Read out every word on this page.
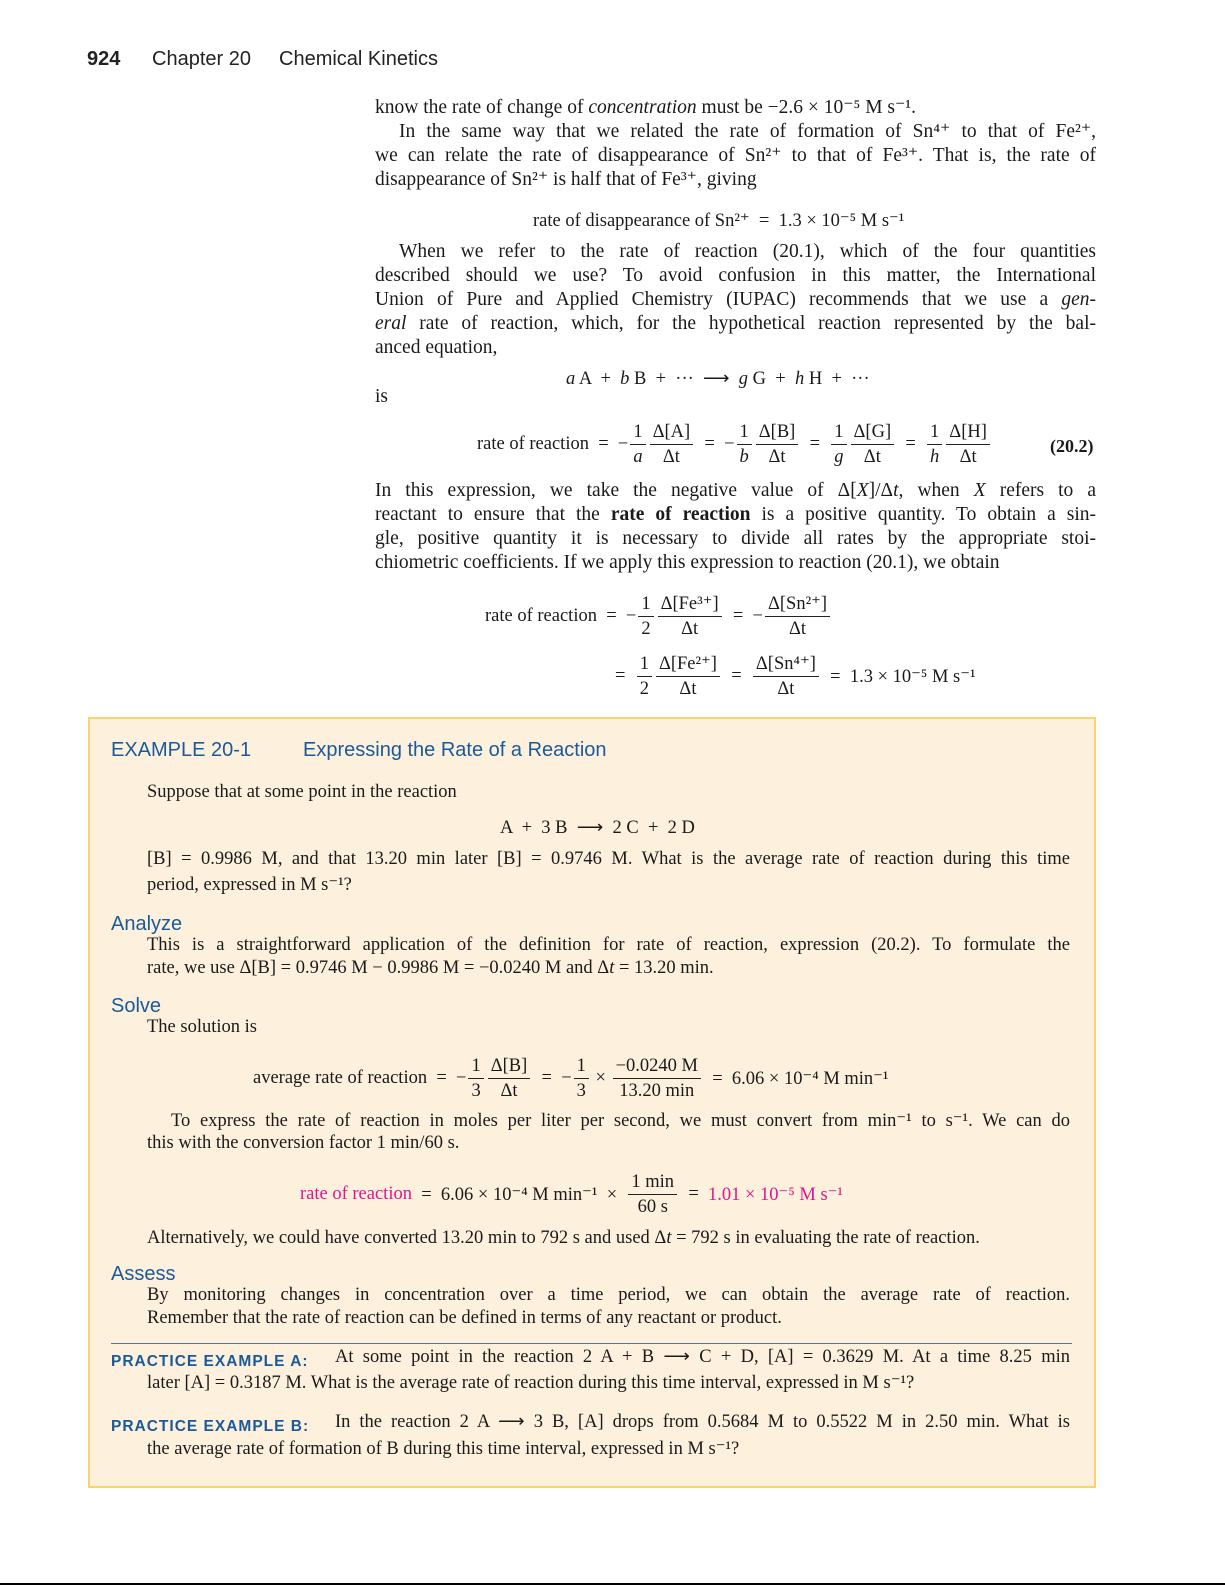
924 Chapter 20 Chemical Kinetics
rate of disappearance of Sn²⁺  =  1.3 × 10⁻⁵ M s⁻¹
a A  + b B  +  ···  ⟶ g G  + h H  +  ···
is
rate of reaction  =  − $\frac{1}{a} \frac{\Delta[A]}{\Delta t}$ =  − $\frac{1}{b} \frac{\Delta[B]}{\Delta t} = \frac{1}{g} \frac{\Delta[G]}{\Delta t} = \frac{1}{h} \frac{\Delta[H]}{\Delta t}$	(20.2)
rate of reaction  =  − $\frac{1}{2} \frac{\text{Δ[Fe³⁺]}}{\Delta t}$ =  − $\frac{\text{Δ[Sn²⁺]}}{\Delta t}$
= $\frac{1}{2} \frac{\text{Δ[Fe²⁺]}}{\Delta t} = \frac{\text{Δ[Sn⁴⁺]}}{\Delta t} = 1.3 \times 10^{-5}$ M s⁻¹
EXAMPLE 20-1	Expressing the Rate of a Reaction
A  +  3 B  ⟶  2 C  +  2 D
Analyze
Solve
average rate of reaction  =  − $\frac{1}{3} \frac{\Delta[B]}{\Delta t}$ =  − $\frac{1}{3} \times \frac{-0.0240 M}{13.20 \min} = 6.06 \times 10^{-4}$ M min⁻¹
rate of reaction =  6.06 × 10⁻⁴ M $\min^{-1} \times \frac{1 \min}{60 s} = 1.01 \times 10^{-5}$ M s⁻¹
Assess
PRACTICE EXAMPLE A:
PRACTICE EXAMPLE B:
know the rate of change of concentration must be −2.6 × 10⁻⁵ M s⁻¹.
In the same way that we related the rate of formation of Sn⁴⁺ to that of Fe²⁺,
we can relate the rate of disappearance of Sn²⁺ to that of Fe³⁺. That is, the rate of
disappearance of Sn²⁺ is half that of Fe³⁺, giving
When we refer to the rate of reaction (20.1), which of the four quantities
described should we use? To avoid confusion in this matter, the International
Union of Pure and Applied Chemistry (IUPAC) recommends that we use a gen-
eral rate of reaction, which, for the hypothetical reaction represented by the bal-
anced equation,
In this expression, we take the negative value of Δ[X]/Δt, when X refers to a
reactant to ensure that the rate of reaction is a positive quantity. To obtain a sin-
gle, positive quantity it is necessary to divide all rates by the appropriate stoi-
chiometric coefficients. If we apply this expression to reaction (20.1), we obtain
Suppose that at some point in the reaction
[B] = 0.9986 M, and that 13.20 min later [B] = 0.9746 M. What is the average rate of reaction during this time
period, expressed in M s⁻¹?
This is a straightforward application of the definition for rate of reaction, expression (20.2). To formulate the
rate, we use Δ[B] = 0.9746 M − 0.9986 M = −0.0240 M and Δt = 13.20 min.
The solution is
To express the rate of reaction in moles per liter per second, we must convert from min⁻¹ to s⁻¹. We can do
this with the conversion factor 1 min/60 s.
Alternatively, we could have converted 13.20 min to 792 s and used Δt = 792 s in evaluating the rate of reaction.
By monitoring changes in concentration over a time period, we can obtain the average rate of reaction.
Remember that the rate of reaction can be defined in terms of any reactant or product.
At some point in the reaction 2 A + B ⟶ C + D, [A] = 0.3629 M. At a time 8.25 min
later [A] = 0.3187 M. What is the average rate of reaction during this time interval, expressed in M s⁻¹?
In the reaction 2 A ⟶ 3 B, [A] drops from 0.5684 M to 0.5522 M in 2.50 min. What is
the average rate of formation of B during this time interval, expressed in M s⁻¹?
